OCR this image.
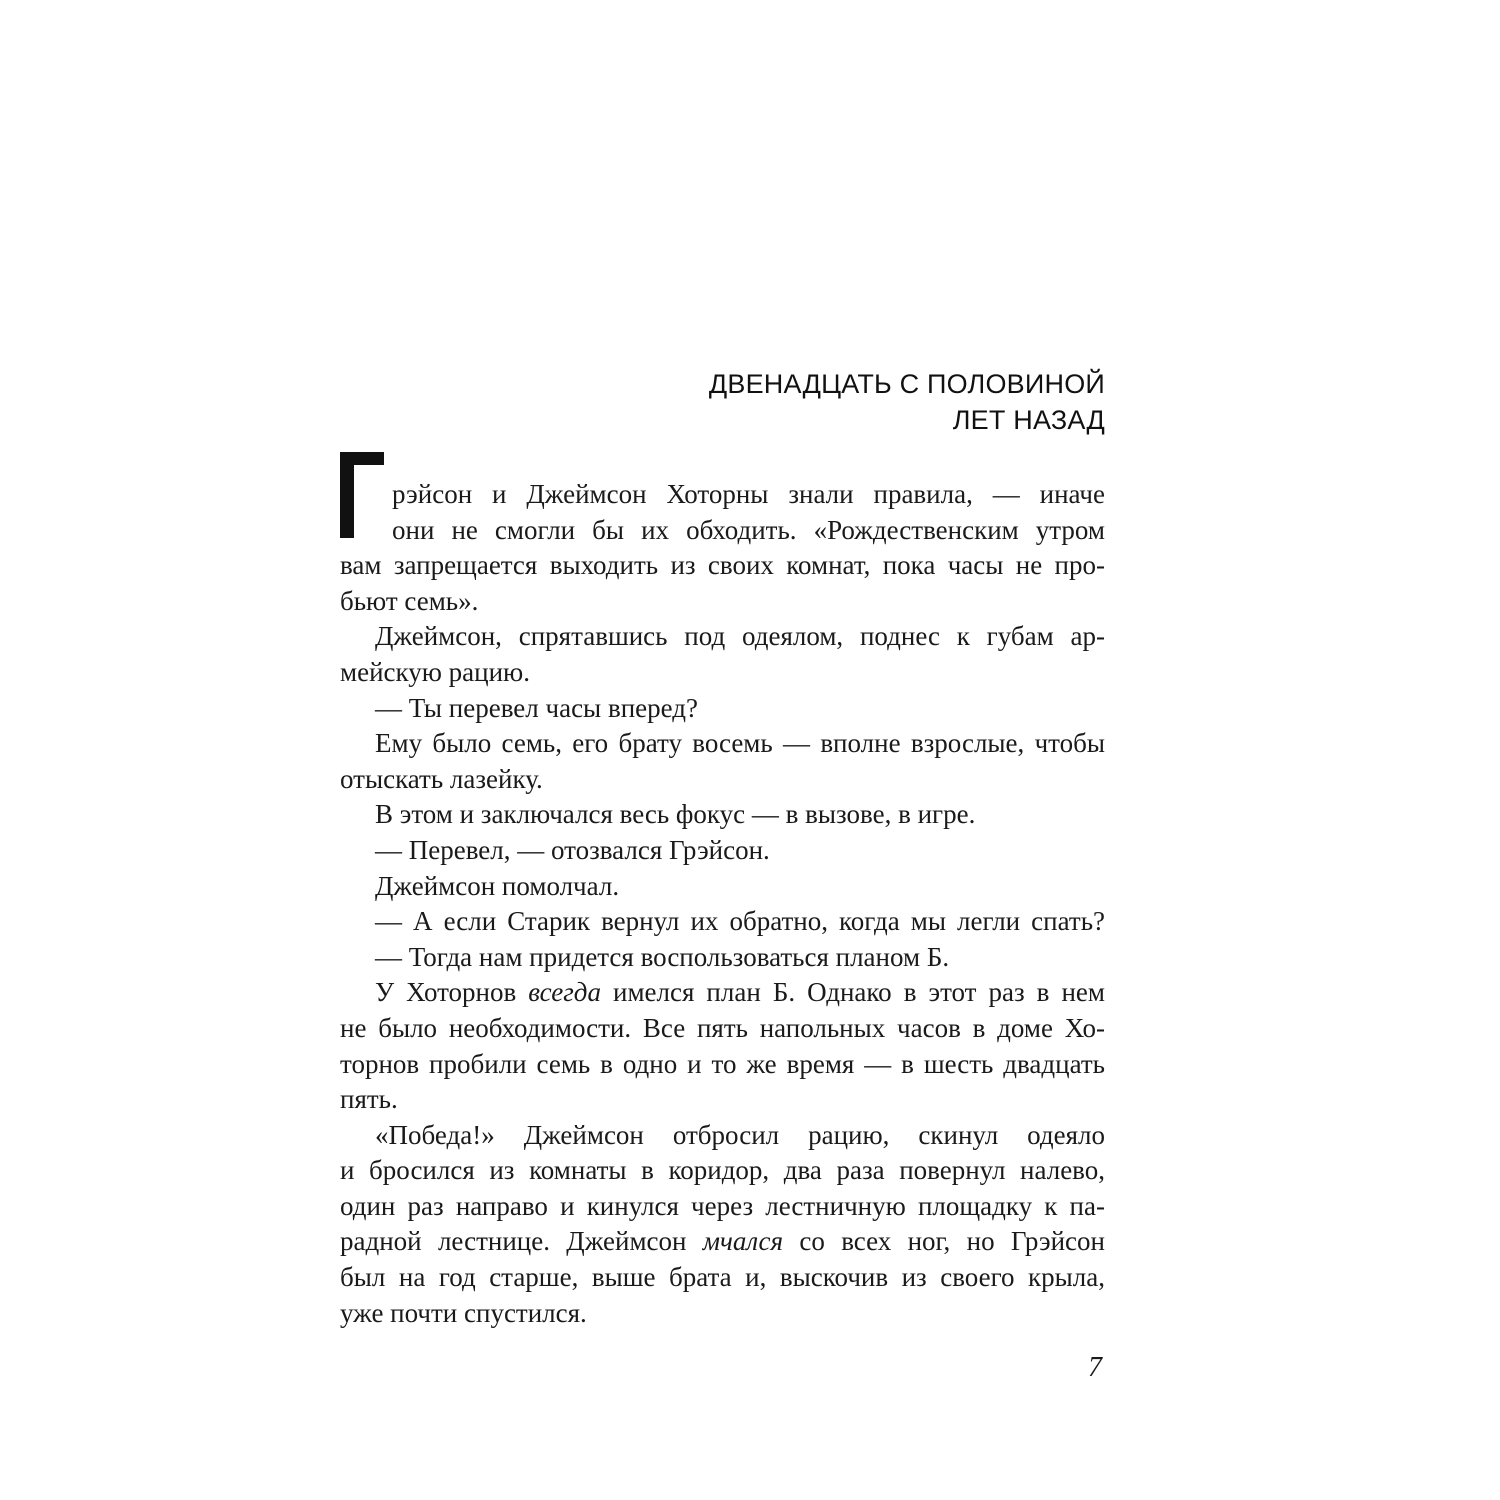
ДВЕНАДЦАТЬ С ПОЛОВИНОЙ
ЛЕТ НАЗАД
рэйсон и Джеймсон Хоторны знали правила, — иначе
они не смогли бы их обходить. «Рождественским утром
вам запрещается выходить из своих комнат, пока часы не про-
бьют семь».
Джеймсон, спрятавшись под одеялом, поднес к губам ар-
мейскую рацию.
— Ты перевел часы вперед?
Ему было семь, его брату восемь — вполне взрослые, чтобы
отыскать лазейку.
В этом и заключался весь фокус — в вызове, в игре.
— Перевел, — отозвался Грэйсон.
Джеймсон помолчал.
— А если Старик вернул их обратно, когда мы легли спать?
— Тогда нам придется воспользоваться планом Б.
У Хоторнов всегда имелся план Б. Однако в этот раз в нем
не было необходимости. Все пять напольных часов в доме Хо-
торнов пробили семь в одно и то же время — в шесть двадцать
пять.
«Победа!» Джеймсон отбросил рацию, скинул одеяло
и бросился из комнаты в коридор, два раза повернул налево,
один раз направо и кинулся через лестничную площадку к па-
радной лестнице. Джеймсон мчался со всех ног, но Грэйсон
был на год старше, выше брата и, выскочив из своего крыла,
уже почти спустился.
7
